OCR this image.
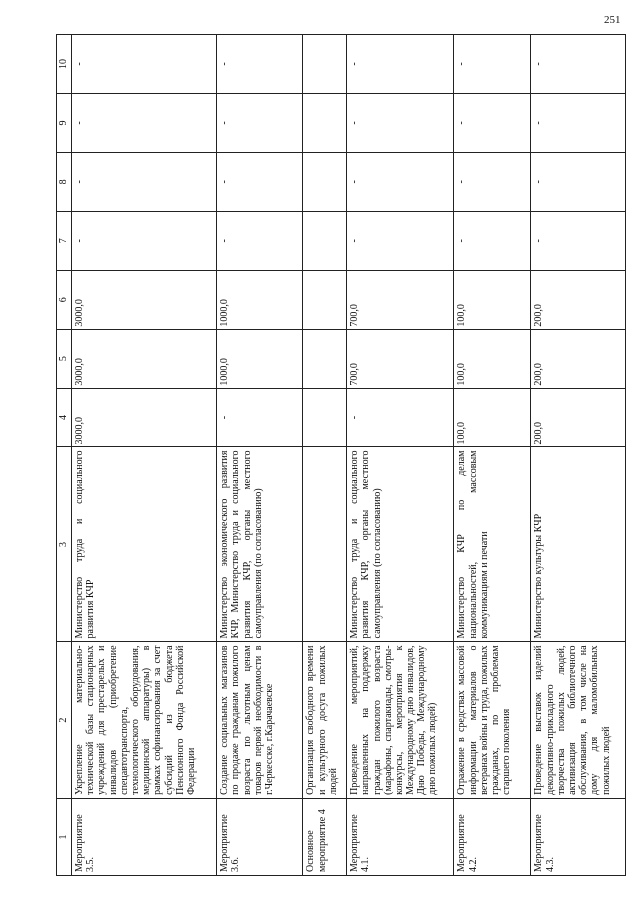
251
1	2	3	4	5	6	7	8	9	10
Мероприятие 3.5.	Укрепление материально-технической базы стационарных учреждений для престарелых и инвалидов (приобретение спецавтотранспорта, технологического оборудования, медицинской аппаратуры) в рамках софинансирования за счет субсидий из бюджета Пенсионного Фонда Российской Федерации	Министерство труда и социального развития КЧР	3000,0	3000,0	3000,0	-	-	-	-
Мероприятие 3.6.	Создание социальных магазинов по продаже гражданам пожилого возраста по льготным ценам товаров первой необходимости в г.Черкесске, г.Карачаевске	Министерство экономического развития КЧР, Министерство труда и социального развития КЧР, органы местного самоуправления (по согласованию)	-	1000,0	1000,0	-	-	-	-
Основное мероприятие 4	Организация свободного времени и культурного досуга пожилых людей								
Мероприятие 4.1.	Проведение мероприятий, направленных на поддержку граждан пожилого возраста (марафоны, спартакиады, смотры-конкурсы, мероприятия к Международному дню инвалидов, Дню Победы, Международному дню пожилых людей)	Министерство труда и социального развития КЧР, органы местного самоуправления (по согласованию)	-	700,0	700,0	-	-	-	-
Мероприятие 4.2.	Отражение в средствах массовой информации материалов о ветеранах войны и труда, пожилых гражданах, по проблемам старшего поколения	Министерство КЧР по делам национальностей, массовым коммуникациям и печати	100,0	100,0	100,0	-	-	-	-
Мероприятие 4.3.	Проведение выставок изделий декоративно-прикладного творчества пожилых людей, активизация библиотечного обслуживания, в том числе на дому для маломобильных пожилых людей	Министерство культуры КЧР	200,0	200,0	200,0	-	-	-	-
